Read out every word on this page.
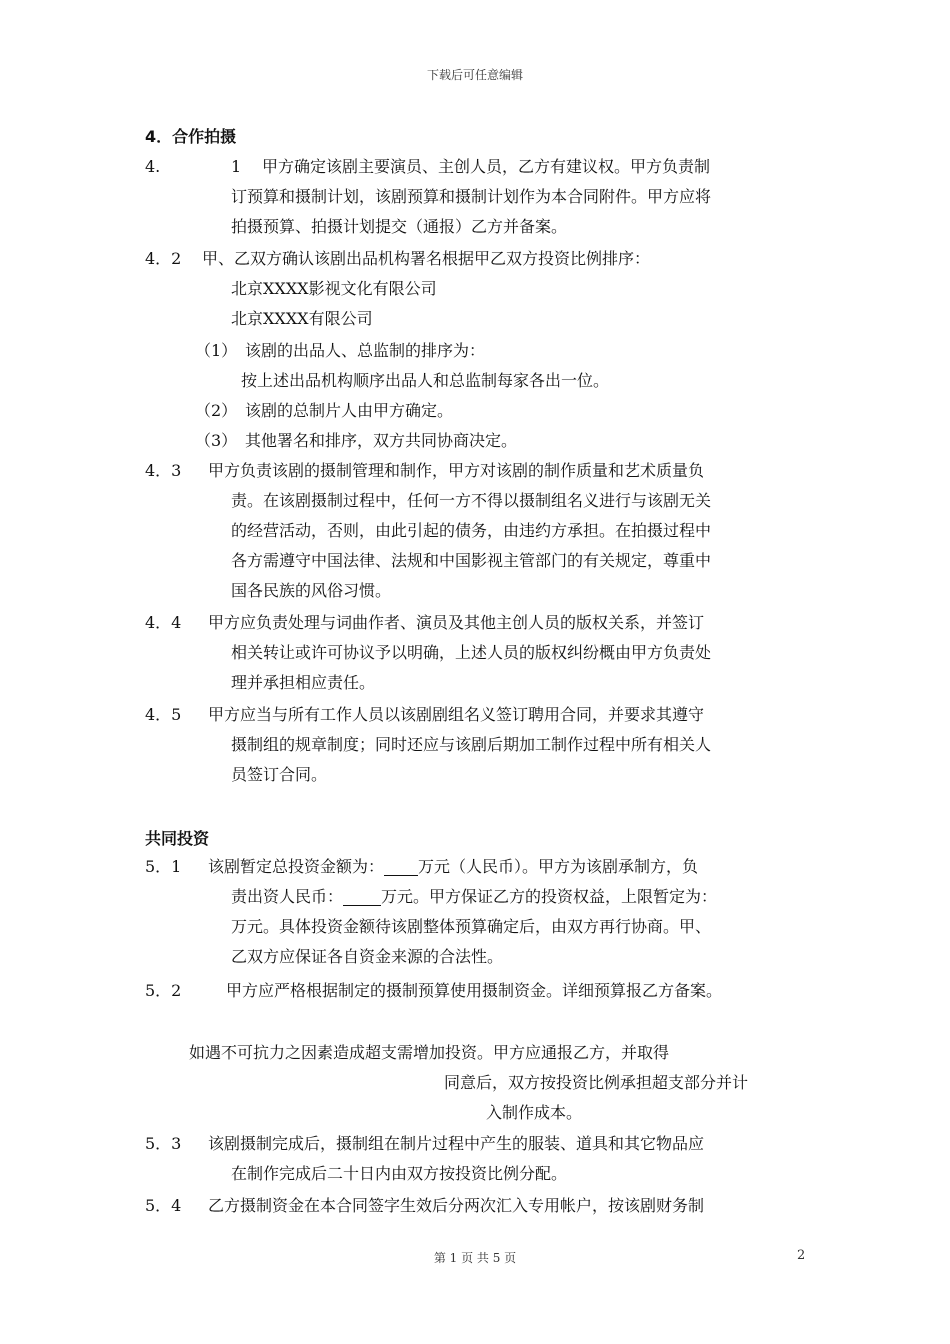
下载后可任意编辑
4．合作拍摄
4.	1 甲方确定该剧主要演员、主创人员，乙方有建议权。甲方负责制
订预算和摄制计划，该剧预算和摄制计划作为本合同附件。甲方应将
拍摄预算、拍摄计划提交（通报）乙方并备案。
4．2 甲、乙双方确认该剧出品机构署名根据甲乙双方投资比例排序：
北京XXXX影视文化有限公司
北京XXXX有限公司
（1） 该剧的出品人、总监制的排序为：
按上述出品机构顺序出品人和总监制每家各出一位。
（2） 该剧的总制片人由甲方确定。
（3） 其他署名和排序，双方共同协商决定。
4．3 甲方负责该剧的摄制管理和制作，甲方对该剧的制作质量和艺术质量负
责。在该剧摄制过程中，任何一方不得以摄制组名义进行与该剧无关
的经营活动，否则，由此引起的债务，由违约方承担。在拍摄过程中
各方需遵守中国法律、法规和中国影视主管部门的有关规定，尊重中
国各民族的风俗习惯。
4．4 甲方应负责处理与词曲作者、演员及其他主创人员的版权关系，并签订
相关转让或许可协议予以明确，上述人员的版权纠纷概由甲方负责处
理并承担相应责任。
4．5 甲方应当与所有工作人员以该剧剧组名义签订聘用合同，并要求其遵守
摄制组的规章制度；同时还应与该剧后期加工制作过程中所有相关人
员签订合同。
共同投资
5．1 该剧暂定总投资金额为： 万元（人民币）。甲方为该剧承制方，负
责出资人民币： 万元。甲方保证乙方的投资权益，上限暂定为：
万元。具体投资金额待该剧整体预算确定后，由双方再行协商。甲、
乙双方应保证各自资金来源的合法性。
5．2	甲方应严格根据制定的摄制预算使用摄制资金。详细预算报乙方备案。
如遇不可抗力之因素造成超支需增加投资。甲方应通报乙方，并取得
同意后，双方按投资比例承担超支部分并计
入制作成本。
5．3 该剧摄制完成后，摄制组在制片过程中产生的服装、道具和其它物品应
在制作完成后二十日内由双方按投资比例分配。
5．4 乙方摄制资金在本合同签字生效后分两次汇入专用帐户，按该剧财务制
第 1 页 共 5 页	2
